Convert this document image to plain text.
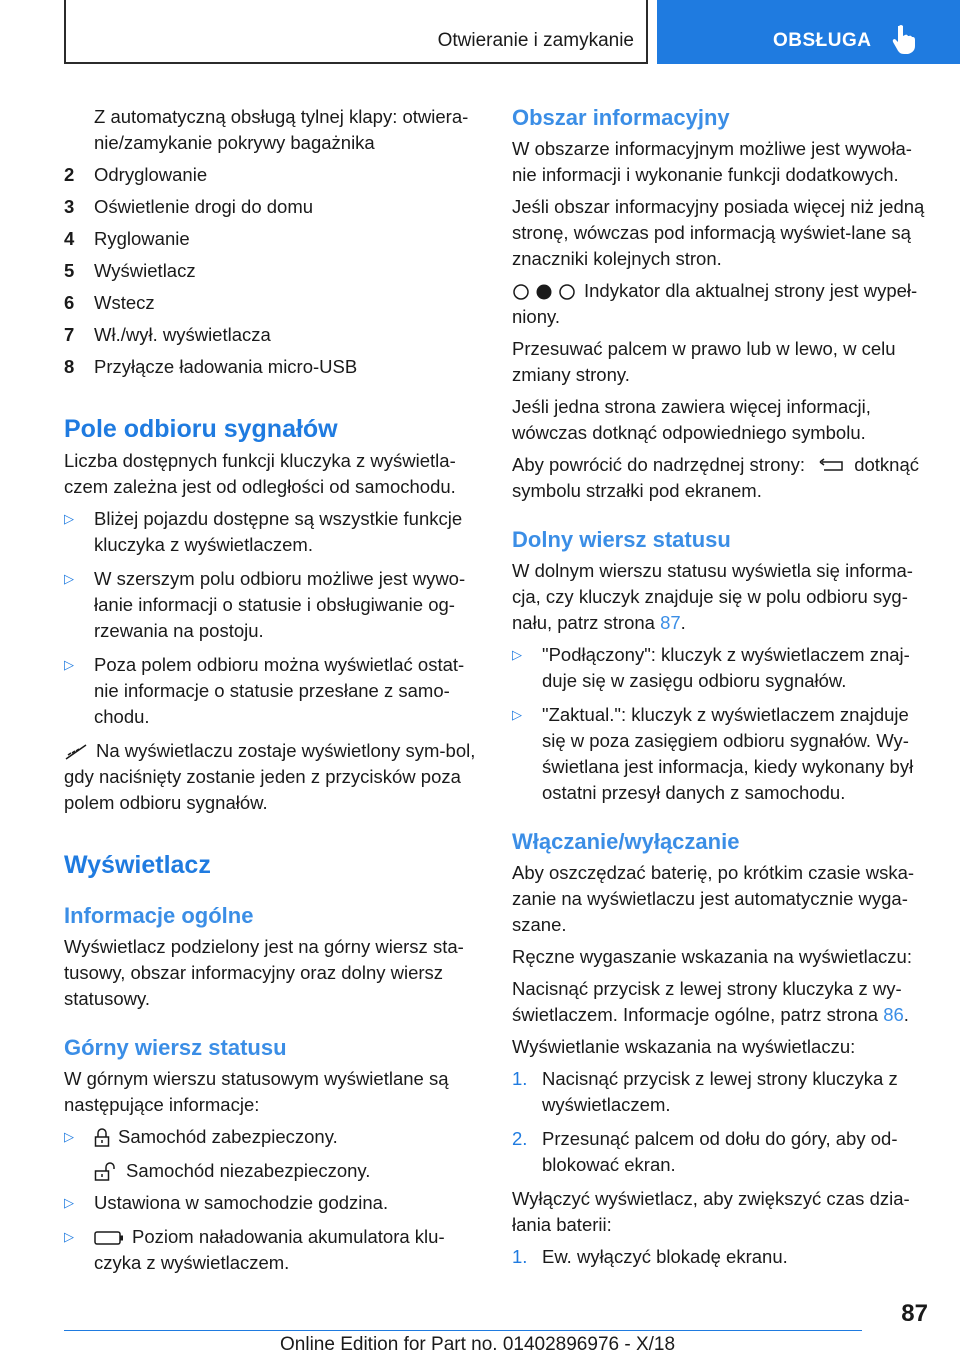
Otwieranie i zamykanie	OBSŁUGA

Z automatyczną obsługą tylnej klapy: otwiera-nie/zamykanie pokrywy bagażnika

2	Odryglowanie
3	Oświetlenie drogi do domu
4	Ryglowanie
5	Wyświetlacz
6	Wstecz
7	Wł./wył. wyświetlacza
8	Przyłącze ładowania micro-USB
Pole odbioru sygnałów

Liczba dostępnych funkcji kluczyka z wyświetla-czem zależna jest od odległości od samochodu.

▷	Bliżej pojazdu dostępne są wszystkie funkcje kluczyka z wyświetlaczem.
▷	W szerszym polu odbioru możliwe jest wywo-łanie informacji o statusie i obsługiwanie og-rzewania na postoju.
▷	Poza polem odbioru można wyświetlać ostat-nie informacje o statusie przesłane z samo-chodu.

Na wyświetlaczu zostaje wyświetlony sym-bol, gdy naciśnięty zostanie jeden z przycisków poza polem odbioru sygnałów.

Wyświetlacz
Informacje ogólne

Wyświetlacz podzielony jest na górny wiersz sta-tusowy, obszar informacyjny oraz dolny wiersz statusowy.

Górny wiersz statusu

W górnym wierszu statusowym wyświetlane są następujące informacje:

▷	Samochód zabezpieczony.

Samochód niezabezpieczony.

▷	Ustawiona w samochodzie godzina.
▷	Poziom naładowania akumulatora klu-czyka z wyświetlaczem.
Obszar informacyjny

W obszarze informacyjnym możliwe jest wywoła-nie informacji i wykonanie funkcji dodatkowych.

Jeśli obszar informacyjny posiada więcej niż jedną stronę, wówczas pod informacją wyświet-lane są znaczniki kolejnych stron.

Indykator dla aktualnej strony jest wypeł-niony.

Przesuwać palcem w prawo lub w lewo, w celu zmiany strony.

Jeśli jedna strona zawiera więcej informacji, wówczas dotknąć odpowiedniego symbolu.

Aby powrócić do nadrzędnej strony:	dotknąć symbolu strzałki pod ekranem.

Dolny wiersz statusu

W dolnym wierszu statusu wyświetla się informa-cja, czy kluczyk znajduje się w polu odbioru syg-nału, patrz strona 87.

▷	"Podłączony": kluczyk z wyświetlaczem znaj-duje się w zasięgu odbioru sygnałów.
▷	"Zaktual.": kluczyk z wyświetlaczem znajduje się w poza zasięgiem odbioru sygnałów. Wy-świetlana jest informacja, kiedy wykonany był ostatni przesył danych z samochodu.
Włączanie/wyłączanie

Aby oszczędzać baterię, po krótkim czasie wska-zanie na wyświetlaczu jest automatycznie wyga-szane.

Ręczne wygaszanie wskazania na wyświetlaczu:

Nacisnąć przycisk z lewej strony kluczyka z wy-świetlaczem. Informacje ogólne, patrz strona 86.

Wyświetlanie wskazania na wyświetlaczu:

1. Nacisnąć przycisk z lewej strony kluczyka z wyświetlaczem.
2. Przesunąć palcem od dołu do góry, aby od-blokować ekran.

Wyłączyć wyświetlacz, aby zwiększyć czas dzia-łania baterii:

1. Ew. wyłączyć blokadę ekranu.
87
Online Edition for Part no. 01402896976 - X/18
